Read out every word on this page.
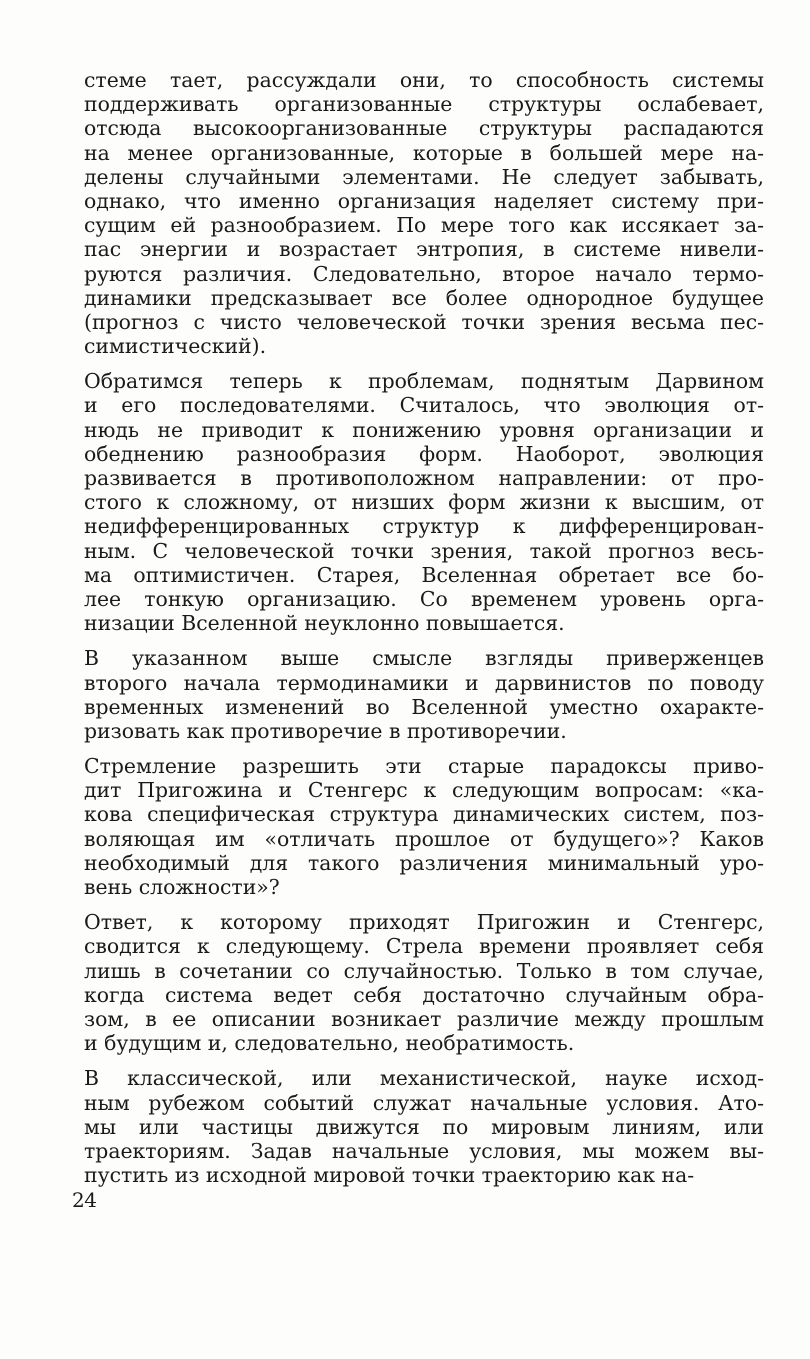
стеме тает, рассуждали они, то способность системы
поддерживать организованные структуры ослабевает,
отсюда высокоорганизованные структуры распадаются
на менее организованные, которые в большей мере на-
делены случайными элементами. Не следует забывать,
однако, что именно организация наделяет систему при-
сущим ей разнообразием. По мере того как иссякает за-
пас энергии и возрастает энтропия, в системе нивели-
руются различия. Следовательно, второе начало термо-
динамики предсказывает все более однородное будущее
(прогноз с чисто человеческой точки зрения весьма пес-
симистический).
Обратимся теперь к проблемам, поднятым Дарвином
и его последователями. Считалось, что эволюция от-
нюдь не приводит к понижению уровня организации и
обеднению разнообразия форм. Наоборот, эволюция
развивается в противоположном направлении: от про-
стого к сложному, от низших форм жизни к высшим, от
недифференцированных структур к дифференцирован-
ным. С человеческой точки зрения, такой прогноз весь-
ма оптимистичен. Старея, Вселенная обретает все бо-
лее тонкую организацию. Со временем уровень орга-
низации Вселенной неуклонно повышается.
В указанном выше смысле взгляды приверженцев
второго начала термодинамики и дарвинистов по поводу
временных изменений во Вселенной уместно охаракте-
ризовать как противоречие в противоречии.
Стремление разрешить эти старые парадоксы приво-
дит Пригожина и Стенгерс к следующим вопросам: «ка-
кова специфическая структура динамических систем, поз-
воляющая им «отличать прошлое от будущего»? Каков
необходимый для такого различения минимальный уро-
вень сложности»?
Ответ, к которому приходят Пригожин и Стенгерс,
сводится к следующему. Стрела времени проявляет себя
лишь в сочетании со случайностью. Только в том случае,
когда система ведет себя достаточно случайным обра-
зом, в ее описании возникает различие между прошлым
и будущим и, следовательно, необратимость.
В классической, или механистической, науке исход-
ным рубежом событий служат начальные условия. Ато-
мы или частицы движутся по мировым линиям, или
траекториям. Задав начальные условия, мы можем вы-
пустить из исходной мировой точки траекторию как на-
24
